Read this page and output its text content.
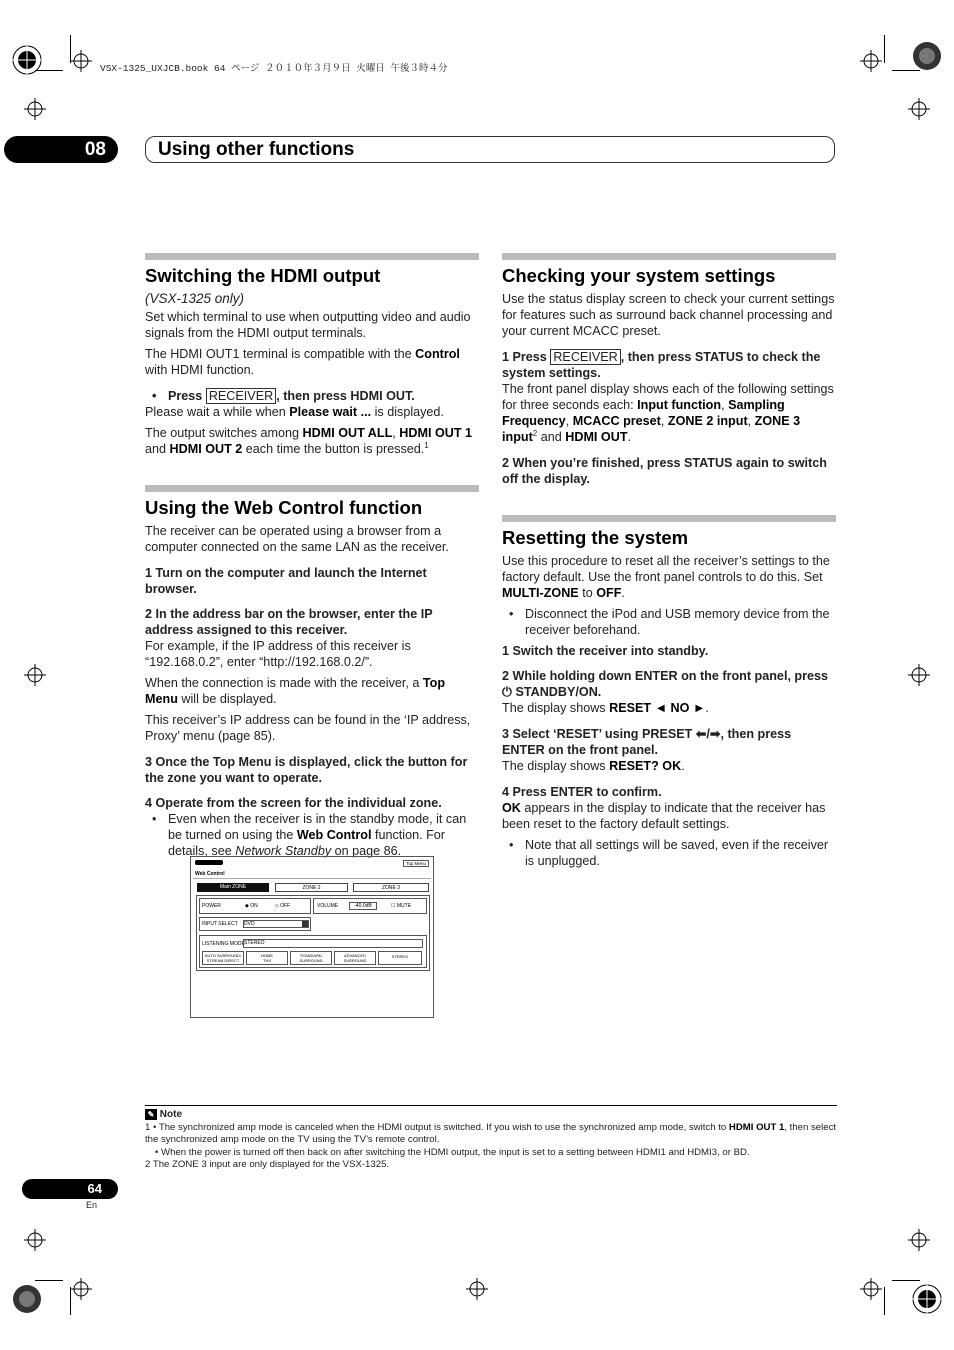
VSX-1325_UXJCB.book 64 ページ ２０１０年３月９日 火曜日 午後３時４分
08	Using other functions
Switching the HDMI output
(VSX-1325 only)

Set which terminal to use when outputting video and audio signals from the HDMI output terminals.

The HDMI OUT1 terminal is compatible with the Control with HDMI function.

• Press RECEIVER , then press HDMI OUT.

Please wait a while when Please wait ... is displayed.

The output switches among HDMI OUT ALL, HDMI OUT 1 and HDMI OUT 2 each time the button is pressed.$^1$

Using the Web Control function

The receiver can be operated using a browser from a computer connected on the same LAN as the receiver.

1 Turn on the computer and launch the Internet browser.

2 In the address bar on the browser, enter the IP address assigned to this receiver.

For example, if the IP address of this receiver is “192.168.0.2”, enter “http://192.168.0.2/”.

When the connection is made with the receiver, a Top Menu will be displayed.

This receiver’s IP address can be found in the ‘IP address, Proxy’ menu (page 85).

3 Once the Top Menu is displayed, click the button for the zone you want to operate.

4 Operate from the screen for the individual zone.

• Even when the receiver is in the standby mode, it can be turned on using the Web Control function. For details, see Network Standby on page 86.

Top Menu
Web Control
Main ZONE	ZONE 2	ZONE 3
POWER	◆ ON	◇ OFF	VOLUME	-40.0dB	☐ MUTE
INPUT SELECT DVD
LISTENING MODE STEREO
AUTO SURROUND/
STREAM DIRECT
HOME
THX
STANDARD
SURROUND
ADVANCED
SURROUND
STEREO
Checking your system settings

Use the status display screen to check your current settings for features such as surround back channel processing and your current MCACC preset.

1 Press RECEIVER , then press STATUS to check the system settings.

The front panel display shows each of the following settings for three seconds each: Input function, Sampling Frequency, MCACC preset, ZONE 2 input, ZONE 3 input$^2$ and HDMI OUT.

2 When you’re finished, press STATUS again to switch off the display.

Resetting the system

Use this procedure to reset all the receiver’s settings to the factory default. Use the front panel controls to do this. Set MULTI-ZONE to OFF.

• Disconnect the iPod and USB memory device from the receiver beforehand.

1 Switch the receiver into standby.

2 While holding down ENTER on the front panel, press ⏻ STANDBY/ON.

The display shows RESET ◄ NO ►.

3 Select ‘RESET’ using PRESET ⬅/➡, then press ENTER on the front panel.

The display shows RESET? OK.

4 Press ENTER to confirm.

OK appears in the display to indicate that the receiver has been reset to the factory default settings.

• Note that all settings will be saved, even if the receiver is unplugged.

✎ Note
1 • The synchronized amp mode is canceled when the HDMI output is switched. If you wish to use the synchronized amp mode, switch to HDMI OUT 1, then select the synchronized amp mode on the TV using the TV’s remote control.
• When the power is turned off then back on after switching the HDMI output, the input is set to a setting between HDMI1 and HDMI3, or BD.
2 The ZONE 3 input are only displayed for the VSX-1325.
64
En
